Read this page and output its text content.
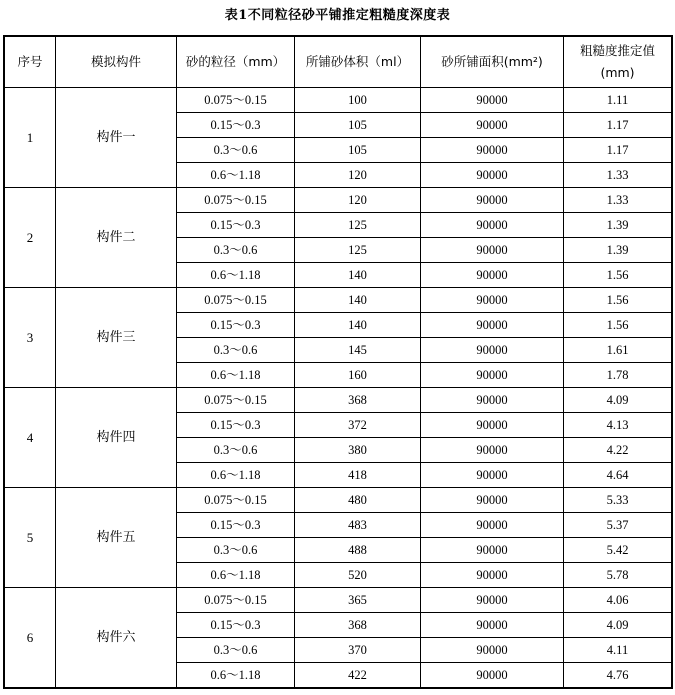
表1不同粒径砂平铺推定粗糙度深度表
序号	模拟构件	砂的粒径（mm）	所铺砂体积（ml）	砂所铺面积(mm²)	粗糙度推定值
(mm)

1	构件一	0.075～0.15	100	90000	1.11
		0.15～0.3	105	90000	1.17
		0.3～0.6	105	90000	1.17
		0.6～1.18	120	90000	1.33
2	构件二	0.075～0.15	120	90000	1.33
		0.15～0.3	125	90000	1.39
		0.3～0.6	125	90000	1.39
		0.6～1.18	140	90000	1.56
3	构件三	0.075～0.15	140	90000	1.56
		0.15～0.3	140	90000	1.56
		0.3～0.6	145	90000	1.61
		0.6～1.18	160	90000	1.78
4	构件四	0.075～0.15	368	90000	4.09
		0.15～0.3	372	90000	4.13
		0.3～0.6	380	90000	4.22
		0.6～1.18	418	90000	4.64
5	构件五	0.075～0.15	480	90000	5.33
		0.15～0.3	483	90000	5.37
		0.3～0.6	488	90000	5.42
		0.6～1.18	520	90000	5.78
6	构件六	0.075～0.15	365	90000	4.06
		0.15～0.3	368	90000	4.09
		0.3～0.6	370	90000	4.11
		0.6～1.18	422	90000	4.76
